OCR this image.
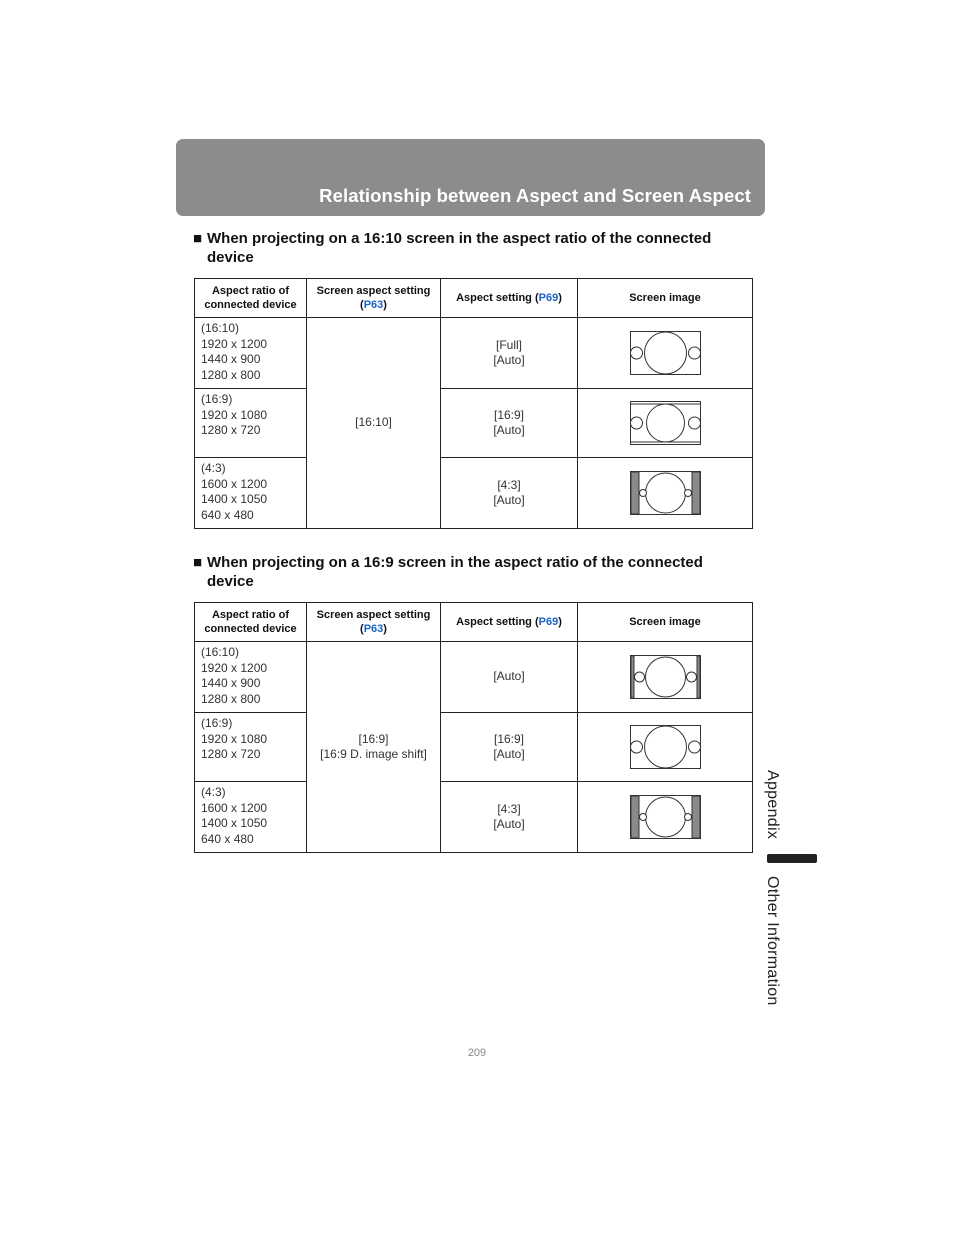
Relationship between Aspect and Screen Aspect

■ When projecting on a 16:10 screen in the aspect ratio of the connected
device

Aspect ratio of connected device	Screen aspect setting (P63)	Aspect setting (P69)	Screen image

(16:10)
1920 x 1200
1440 x 900
1280 x 800	[16:10]	[Full]
[Auto]

(16:9)
1920 x 1080
1280 x 720		[16:9]
[Auto]

(4:3)
1600 x 1200
1400 x 1050
640 x 480		[4:3]
[Auto]

■ When projecting on a 16:9 screen in the aspect ratio of the connected
device

Aspect ratio of connected device	Screen aspect setting (P63)	Aspect setting (P69)	Screen image

(16:10)
1920 x 1200
1440 x 900
1280 x 800	[16:9]
[16:9 D. image shift]	[Auto]

(16:9)
1920 x 1080
1280 x 720		[16:9]
[Auto]

(4:3)
1600 x 1200
1400 x 1050
640 x 480		[4:3]
[Auto]
		Appendix
Other Information
209
